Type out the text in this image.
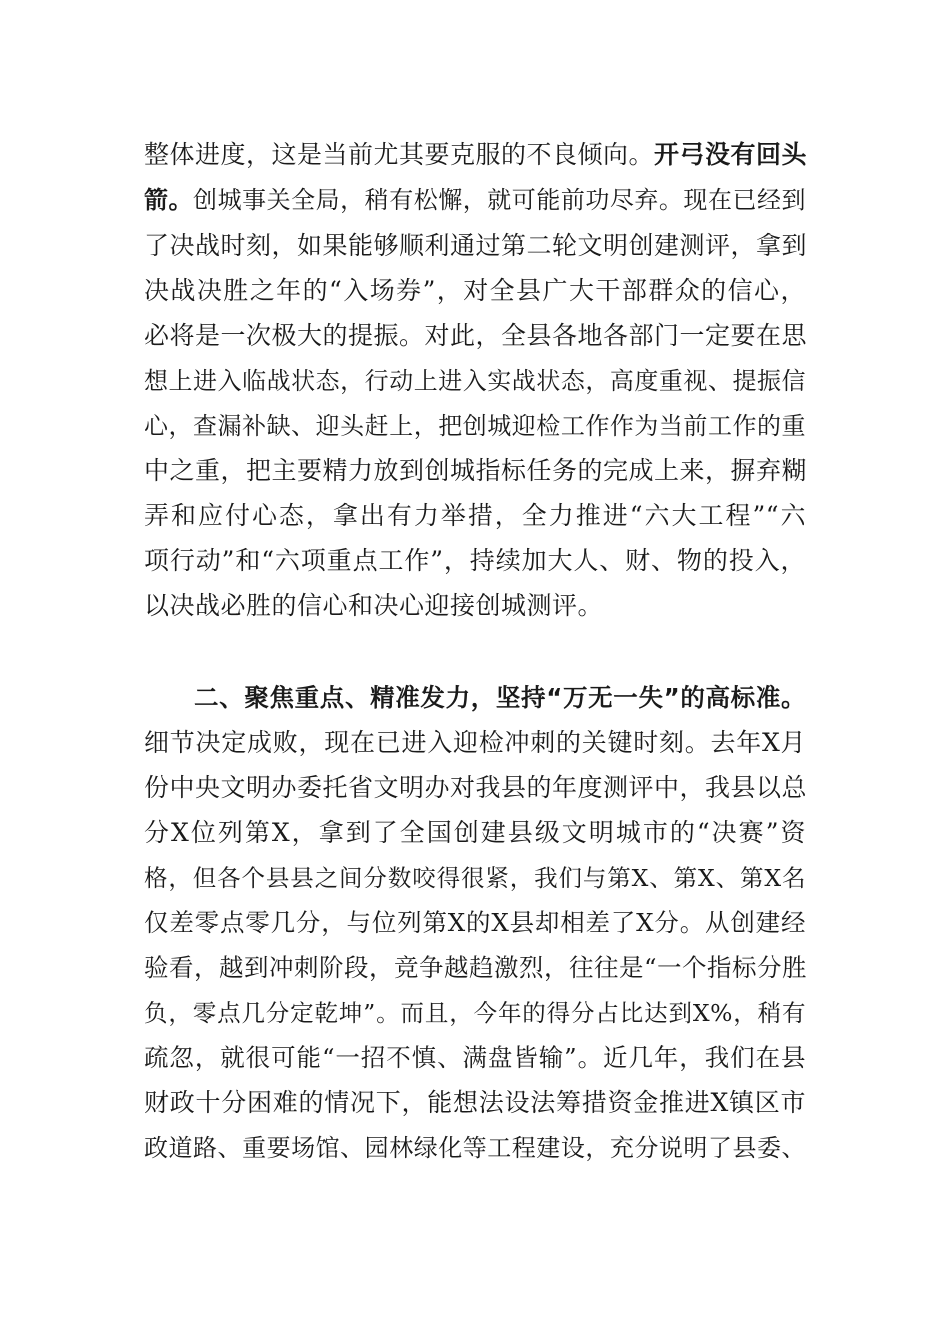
整体进度，这是当前尤其要克服的不良倾向。开弓没有回头
箭。创城事关全局，稍有松懈，就可能前功尽弃。现在已经到
了决战时刻，如果能够顺利通过第二轮文明创建测评，拿到
决战决胜之年的“入场券”，对全县广大干部群众的信心，
必将是一次极大的提振。对此，全县各地各部门一定要在思
想上进入临战状态，行动上进入实战状态，高度重视、提振信
心，查漏补缺、迎头赶上，把创城迎检工作作为当前工作的重
中之重，把主要精力放到创城指标任务的完成上来，摒弃糊
弄和应付心态，拿出有力举措，全力推进“六大工程”“六
项行动”和“六项重点工作”，持续加大人、财、物的投入，
以决战必胜的信心和决心迎接创城测评。
二、聚焦重点、精准发力，坚持“万无一失”的高标准。
细节决定成败，现在已进入迎检冲刺的关键时刻。去年X月
份中央文明办委托省文明办对我县的年度测评中，我县以总
分X位列第X，拿到了全国创建县级文明城市的“决赛”资
格，但各个县县之间分数咬得很紧，我们与第X、第X、第X名
仅差零点零几分，与位列第X的X县却相差了X分。从创建经
验看，越到冲刺阶段，竞争越趋激烈，往往是“一个指标分胜
负，零点几分定乾坤”。而且，今年的得分占比达到X%，稍有
疏忽，就很可能“一招不慎、满盘皆输”。近几年，我们在县
财政十分困难的情况下，能想法设法筹措资金推进X镇区市
政道路、重要场馆、园林绿化等工程建设，充分说明了县委、
